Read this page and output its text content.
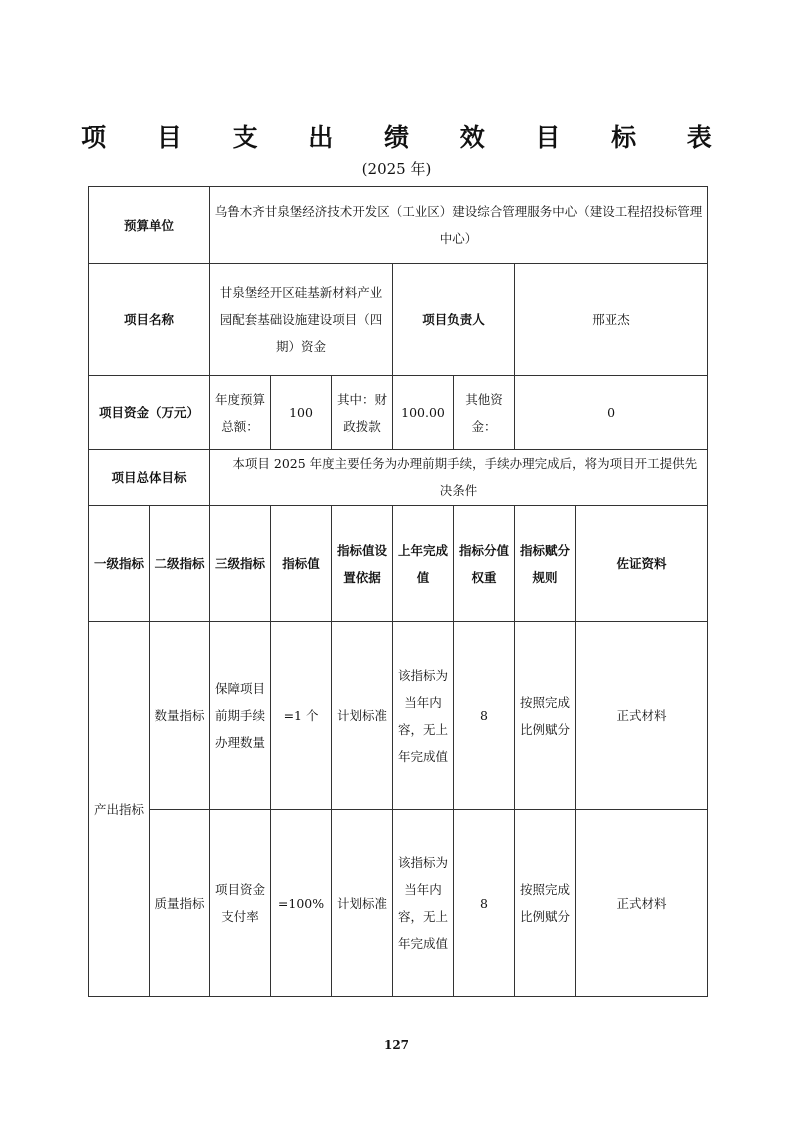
项 目 支 出 绩 效 目 标 表
(2025 年)
预算单位		乌鲁木齐甘泉堡经济技术开发区（工业区）建设综合管理服务中心（建设工程招投标管理中心）						
项目名称		甘泉堡经开区硅基新材料产业园配套基础设施建设项目（四期）资金			项目负责人		邢亚杰	
项目资金（万元）		年度预算总额：	100	其中：财政拨款	100.00	其他资金：	0	
项目总体目标		本项目 2025 年度主要任务为办理前期手续，手续办理完成后，将为项目开工提供先决条件						
一级指标	二级指标	三级指标	指标值	指标值设置依据	上年完成值	指标分值权重	指标赋分规则	佐证资料
产出指标	数量指标	保障项目前期手续办理数量	=1 个	计划标准	该指标为当年内容，无上年完成值	8	按照完成比例赋分	正式材料
	质量指标	项目资金支付率	=100%	计划标准	该指标为当年内容，无上年完成值	8	按照完成比例赋分	正式材料
127
